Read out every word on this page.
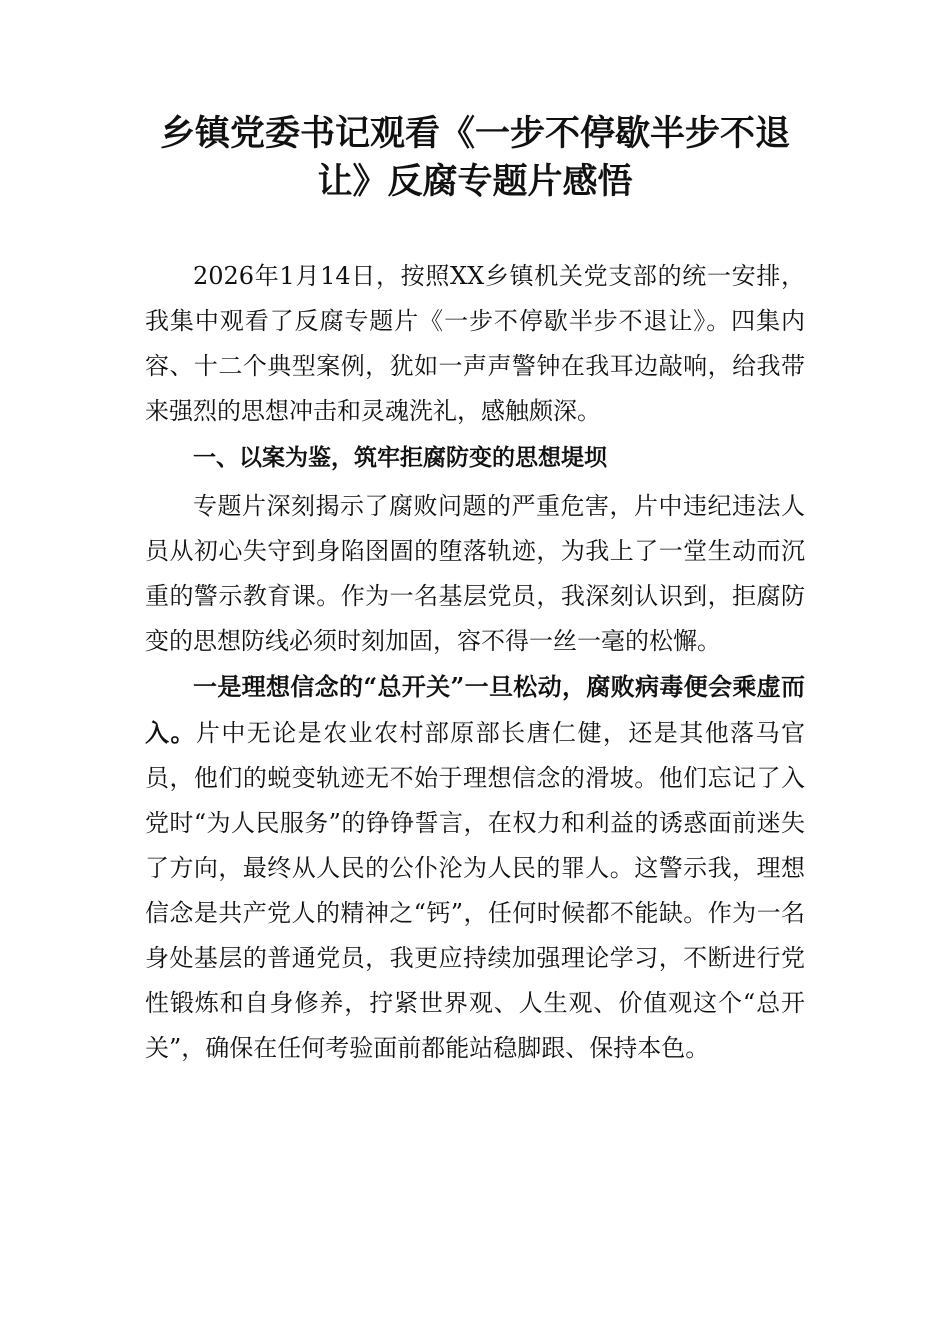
乡镇党委书记观看《一步不停歇半步不退
让》反腐专题片感悟

2026年1月14日，按照XX乡镇机关党支部的统一安排，我集中观看了反腐专题片《一步不停歇半步不退让》。四集内容、十二个典型案例，犹如一声声警钟在我耳边敲响，给我带来强烈的思想冲击和灵魂洗礼，感触颇深。

一、以案为鉴，筑牢拒腐防变的思想堤坝

专题片深刻揭示了腐败问题的严重危害，片中违纪违法人员从初心失守到身陷囹圄的堕落轨迹，为我上了一堂生动而沉重的警示教育课。作为一名基层党员，我深刻认识到，拒腐防变的思想防线必须时刻加固，容不得一丝一毫的松懈。

一是理想信念的“总开关”一旦松动，腐败病毒便会乘虚而入。片中无论是农业农村部原部长唐仁健，还是其他落马官员，他们的蜕变轨迹无不始于理想信念的滑坡。他们忘记了入党时“为人民服务”的铮铮誓言，在权力和利益的诱惑面前迷失了方向，最终从人民的公仆沦为人民的罪人。这警示我，理想信念是共产党人的精神之“钙”，任何时候都不能缺。作为一名身处基层的普通党员，我更应持续加强理论学习，不断进行党性锻炼和自身修养，拧紧世界观、人生观、价值观这个“总开关”，确保在任何考验面前都能站稳脚跟、保持本色。
